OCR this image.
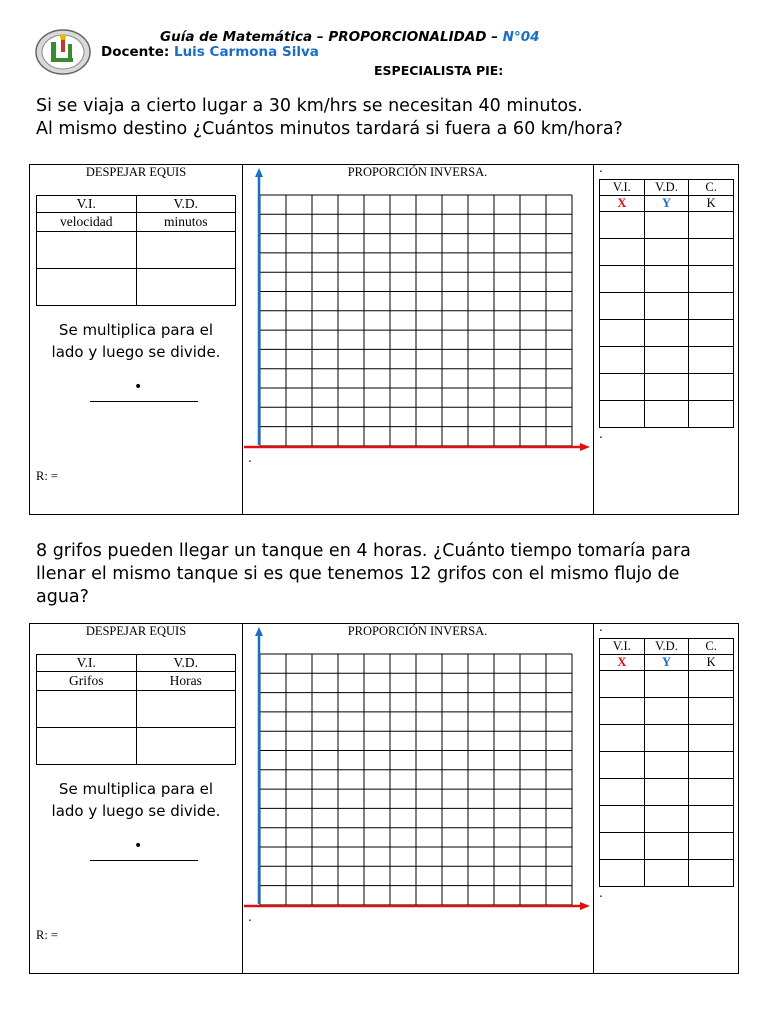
Guía de Matemática – PROPORCIONALIDAD – N°04
Docente: Luis Carmona Silva
ESPECIALISTA PIE:
Si se viaja a cierto lugar a 30 km/hrs se necesitan 40 minutos.
Al mismo destino ¿Cuántos minutos tardará si fuera a 60 km/hora?
DESPEJAR EQUIS
V.I.	V.D.
velocidad	minutos

Se multiplica para el
lado y luego se divide.
•
R: =
PROPORCIÓN INVERSA.
.
.
V.I.	V.D.	C.
X	Y	K

.
8 grifos pueden llegar un tanque en 4 horas. ¿Cuánto tiempo tomaría para
llenar el mismo tanque si es que tenemos 12 grifos con el mismo flujo de
agua?
DESPEJAR EQUIS
V.I.	V.D.
Grifos	Horas

Se multiplica para el
lado y luego se divide.
•
R: =
PROPORCIÓN INVERSA.
.
.
V.I.	V.D.	C.
X	Y	K

.
